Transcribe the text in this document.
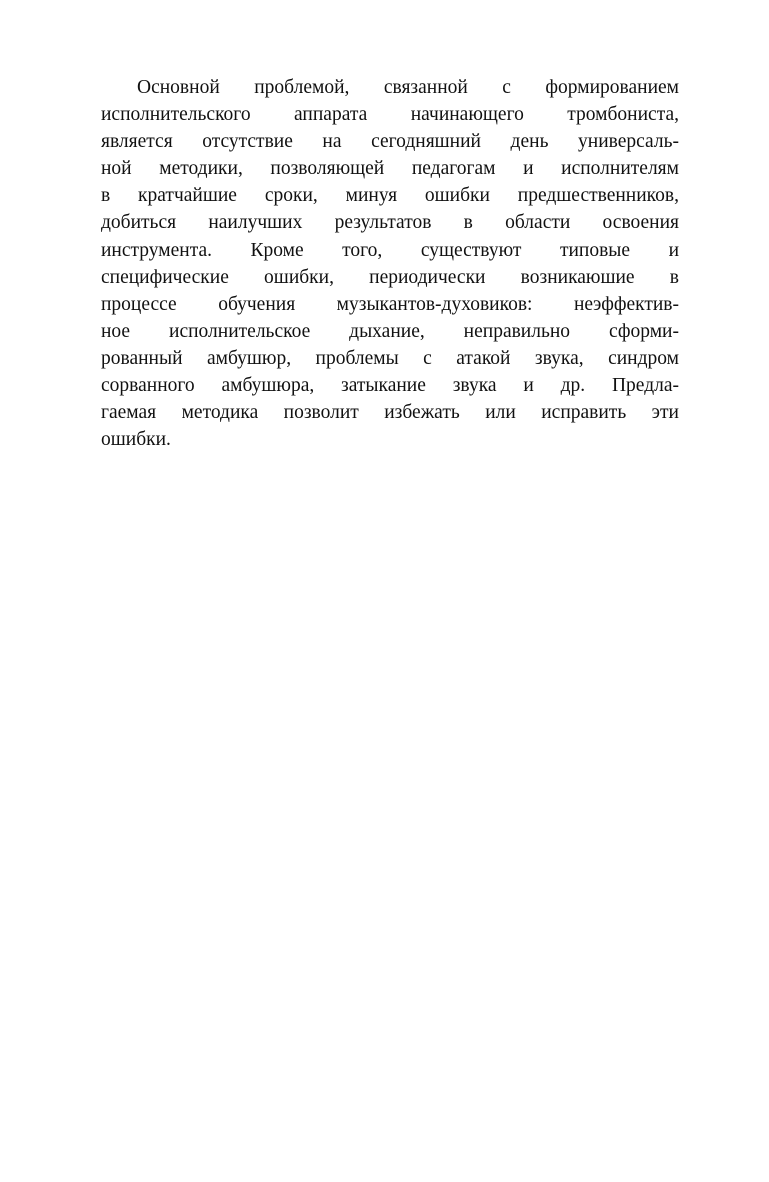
Основной проблемой, связанной с формированием
исполнительского аппарата начинающего тромбониста,
является отсутствие на сегодняшний день универсаль-
ной методики, позволяющей педагогам и исполнителям
в кратчайшие сроки, минуя ошибки предшественников,
добиться наилучших результатов в области освоения
инструмента. Кроме того, существуют типовые и
специфические ошибки, периодически возникаюшие в
процессе обучения музыкантов-духовиков: неэффектив-
ное исполнительское дыхание, неправильно сформи-
рованный амбушюр, проблемы с атакой звука, синдром
сорванного амбушюра, затыкание звука и др. Предла-
гаемая методика позволит избежать или исправить эти
ошибки.
